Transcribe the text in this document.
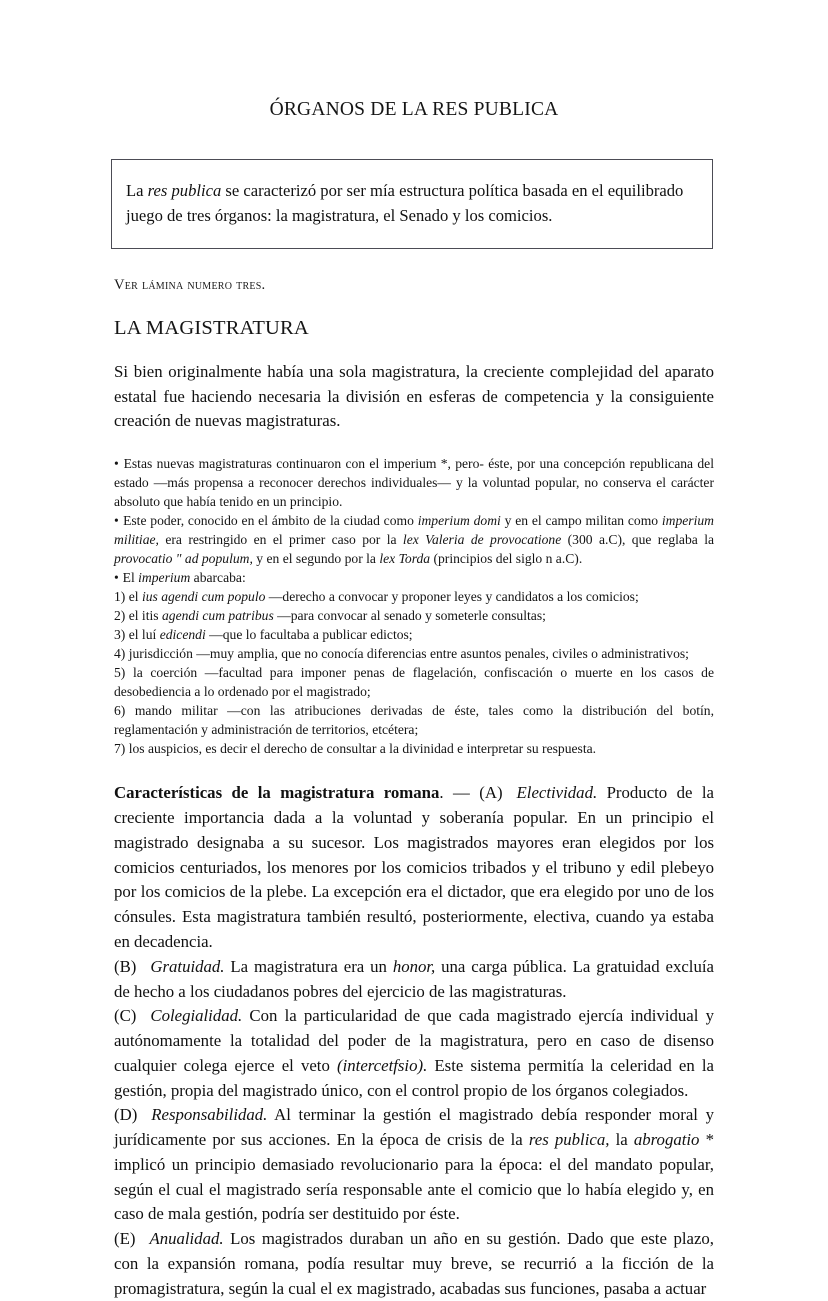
ÓRGANOS DE LA RES PUBLICA

La res publica se caracterizó por ser mía estructura política basada en el equilibrado juego de tres órganos: la magistratura, el Senado y los comicios.

Ver lámina numero tres.

LA MAGISTRATURA

Si bien originalmente había una sola magistratura, la creciente complejidad del aparato estatal fue haciendo necesaria la división en esferas de competencia y la consiguiente creación de nuevas magistraturas.

• Estas nuevas magistraturas continuaron con el imperium *, pero- éste, por una concepción republicana del estado —más propensa a reconocer derechos individuales— y la voluntad popular, no conserva el carácter absoluto que había tenido en un principio.

• Este poder, conocido en el ámbito de la ciudad como imperium domi y en el campo militan como imperium militiae, era restringido en el primer caso por la lex Valeria de provocatione (300 a.C), que reglaba la provocatio " ad populum, y en el segundo por la lex Torda (principios del siglo n a.C).

• El imperium abarcaba:

1) el ius agendi cum populo —derecho a convocar y proponer leyes y candidatos a los comicios;

2) el itis agendi cum patribus —para convocar al senado y someterle consultas;

3) el luí edicendi —que lo facultaba a publicar edictos;

4) jurisdicción —muy amplia, que no conocía diferencias entre asuntos penales, civiles o administrativos;

5) la coerción —facultad para imponer penas de flagelación, confiscación o muerte en los casos de desobediencia a lo ordenado por el magistrado;

6) mando militar —con las atribuciones derivadas de éste, tales como la distribución del botín, reglamentación y administración de territorios, etcétera;

7) los auspicios, es decir el derecho de consultar a la divinidad e interpretar su respuesta.

Características de la magistratura romana. — (A) Electividad. Producto de la creciente importancia dada a la voluntad y soberanía popular. En un principio el magistrado designaba a su sucesor. Los magistrados mayores eran elegidos por los comicios centuriados, los menores por los comicios tribados y el tribuno y edil plebeyo por los comicios de la plebe. La excepción era el dictador, que era elegido por uno de los cónsules. Esta magistratura también resultó, posteriormente, electiva, cuando ya estaba en decadencia.

(B) Gratuidad. La magistratura era un honor, una carga pública. La gratuidad excluía de hecho a los ciudadanos pobres del ejercicio de las magistraturas.

(C) Colegialidad. Con la particularidad de que cada magistrado ejercía individual y autónomamente la totalidad del poder de la magistratura, pero en caso de disenso cualquier colega ejerce el veto (intercetfsio). Este sistema permitía la celeridad en la gestión, propia del magistrado único, con el control propio de los órganos colegiados.

(D) Responsabilidad. Al terminar la gestión el magistrado debía responder moral y jurídicamente por sus acciones. En la época de crisis de la res publica, la abrogatio * implicó un principio demasiado revolucionario para la época: el del mandato popular, según el cual el magistrado sería responsable ante el comicio que lo había elegido y, en caso de mala gestión, podría ser destituido por éste.

(E) Anualidad. Los magistrados duraban un año en su gestión. Dado que este plazo, con la expansión romana, podía resultar muy breve, se recurrió a la ficción de la promagistratura, según la cual el ex magistrado, acabadas sus funciones, pasaba a actuar
